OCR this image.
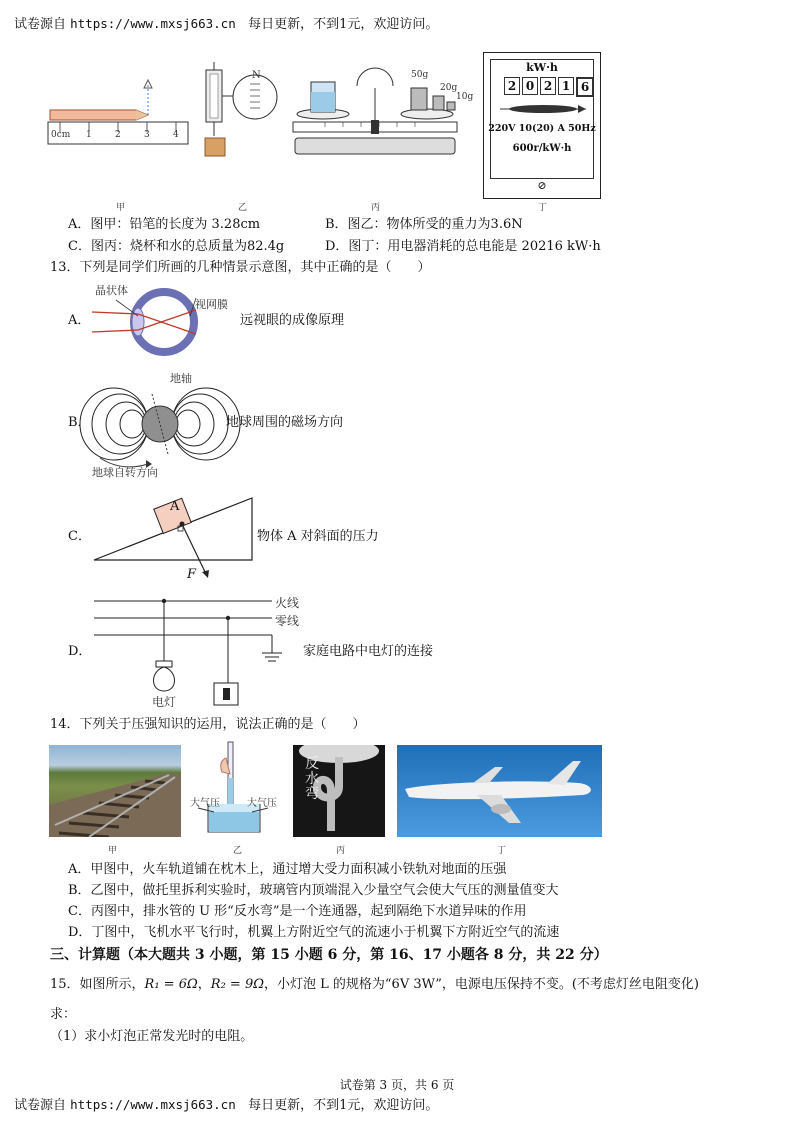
试卷源自 https://www.mxsj663.cn 每日更新，不到1元，欢迎访问。
0cm 1	2	3	4
N	50g
20g
10g
kW·h
2 0 2 1 6
220V 10(20) A 50Hz
600r/kW·h
⊘
甲	乙	丙	丁
A．图甲：铅笔的长度为 3.28cm	B．图乙：物体所受的重力为3.6N
C．图丙：烧杯和水的总质量为82.4g	D．图丁：用电器消耗的总电能是 20216 kW·h
13．下列是同学们所画的几种情景示意图，其中正确的是（　　）
A．
晶状体
视网膜
远视眼的成像原理
B．
地轴
地球自转方向
地球周围的磁场方向
C．
A
F
物体 A 对斜面的压力
D．
火线
零线
电灯
家庭电路中电灯的连接
14．下列关于压强知识的运用，说法正确的是（　　）
大气压	大气压
反
水
弯
甲	乙	丙	丁
A．甲图中，火车轨道铺在枕木上，通过增大受力面积减小铁轨对地面的压强
B．乙图中，做托里拆利实验时，玻璃管内顶端混入少量空气会使大气压的测量值变大
C．丙图中，排水管的 U 形“反水弯”是一个连通器，起到隔绝下水道异味的作用
D．丁图中，飞机水平飞行时，机翼上方附近空气的流速小于机翼下方附近空气的流速
三、计算题（本大题共 3 小题，第 15 小题 6 分，第 16、17 小题各 8 分，共 22 分）
15．如图所示，R₁ = 6Ω，R₂ = 9Ω，小灯泡 L 的规格为“6V 3W”，电源电压保持不变。(不考虑灯丝电阻变化)
求：
（1）求小灯泡正常发光时的电阻。
试卷第 3 页，共 6 页
试卷源自 https://www.mxsj663.cn 每日更新，不到1元，欢迎访问。
